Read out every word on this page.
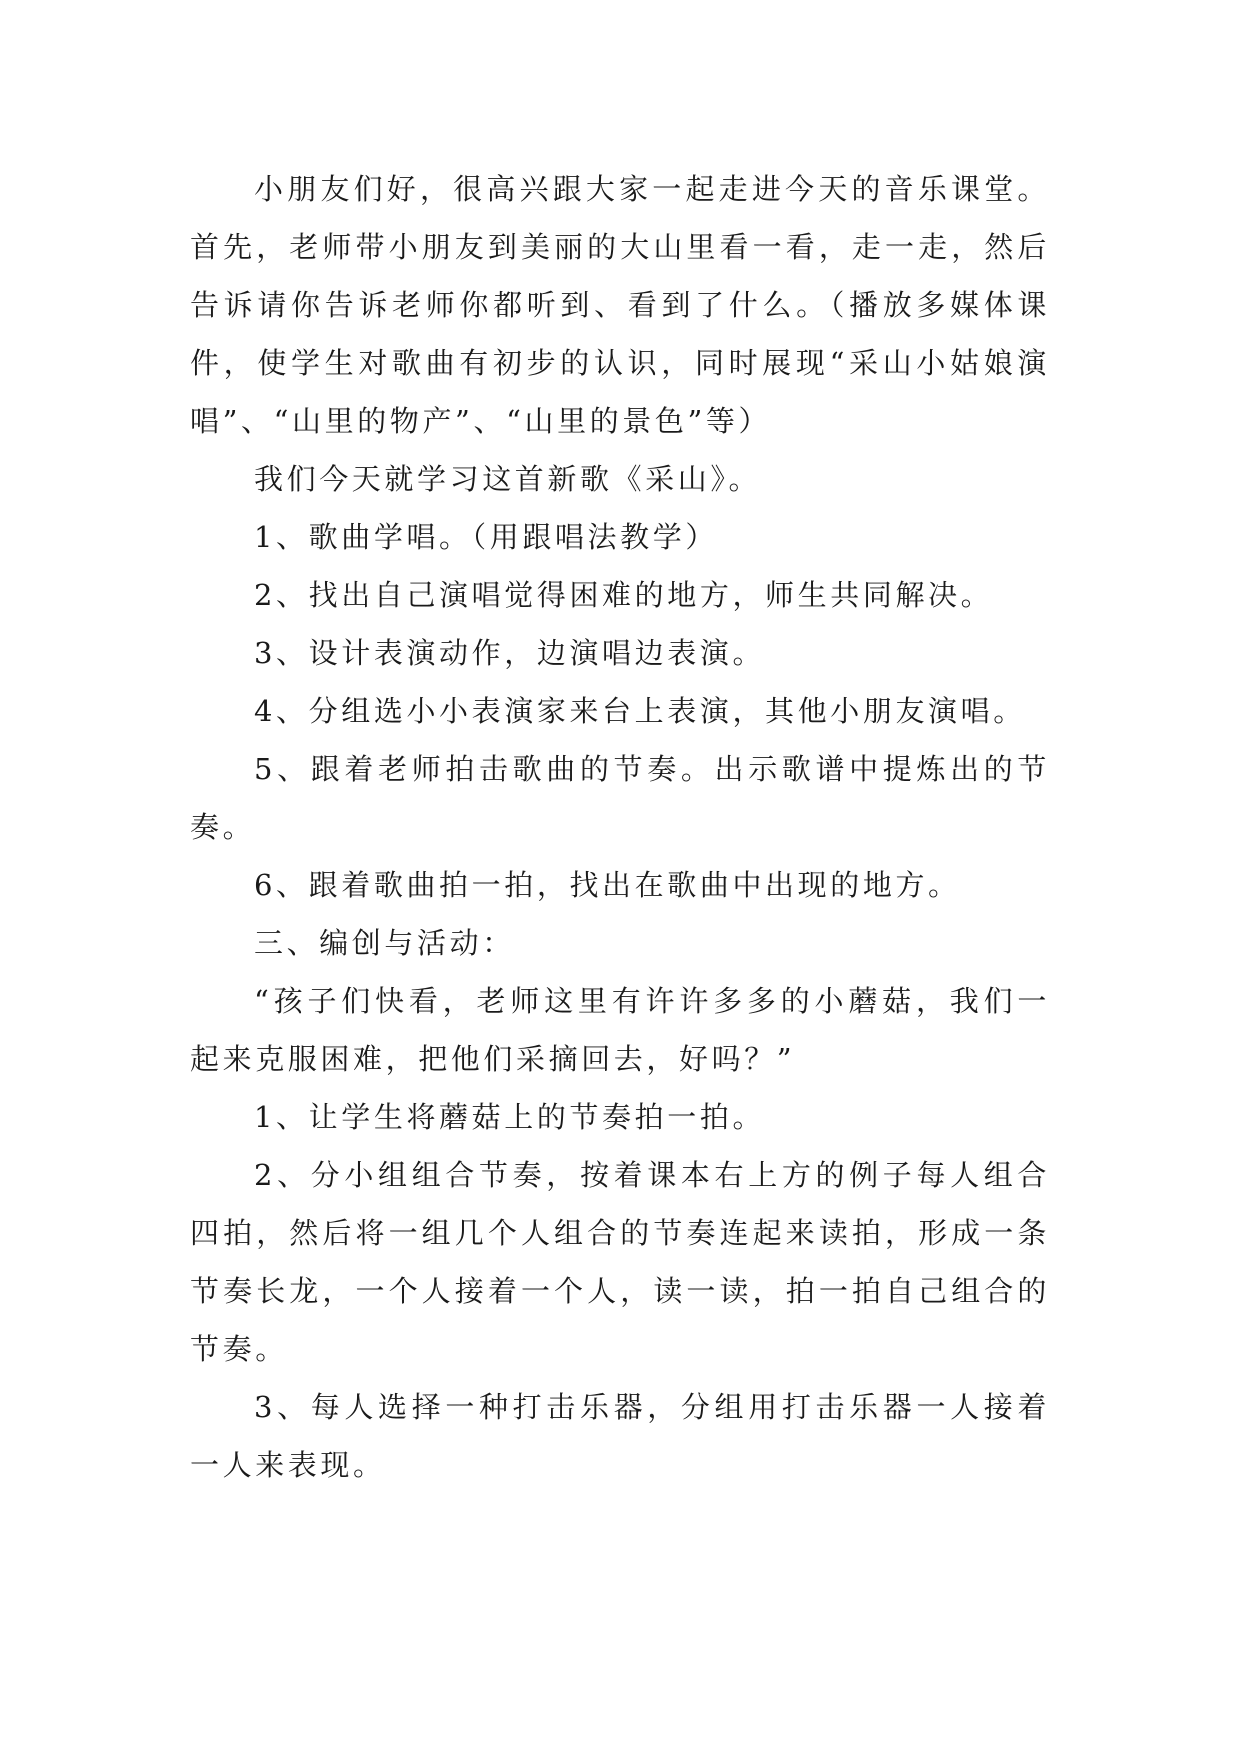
小朋友们好，很高兴跟大家一起走进今天的音乐课堂。首先，老师带小朋友到美丽的大山里看一看，走一走，然后告诉请你告诉老师你都听到、看到了什么。（播放多媒体课件，使学生对歌曲有初步的认识，同时展现“采山小姑娘演唱”、“山里的物产”、“山里的景色”等）

我们今天就学习这首新歌《采山》。

1、歌曲学唱。（用跟唱法教学）

2、找出自己演唱觉得困难的地方，师生共同解决。

3、设计表演动作，边演唱边表演。

4、分组选小小表演家来台上表演，其他小朋友演唱。

5、跟着老师拍击歌曲的节奏。出示歌谱中提炼出的节奏。

6、跟着歌曲拍一拍，找出在歌曲中出现的地方。

三、编创与活动：

“孩子们快看，老师这里有许许多多的小蘑菇，我们一起来克服困难，把他们采摘回去，好吗？”

1、让学生将蘑菇上的节奏拍一拍。

2、分小组组合节奏，按着课本右上方的例子每人组合四拍，然后将一组几个人组合的节奏连起来读拍，形成一条节奏长龙，一个人接着一个人，读一读，拍一拍自己组合的节奏。

3、每人选择一种打击乐器，分组用打击乐器一人接着一人来表现。
